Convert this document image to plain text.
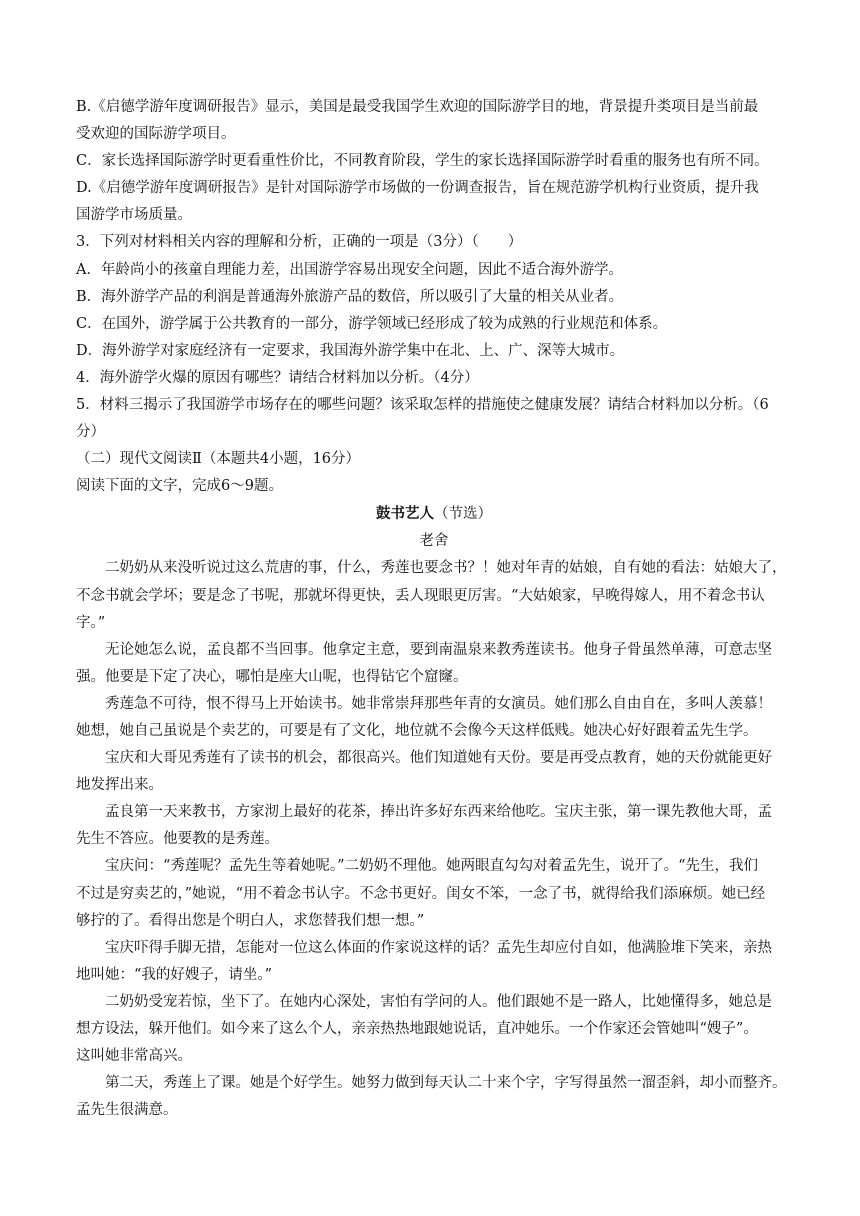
B.《启德学游年度调研报告》显示，美国是最受我国学生欢迎的国际游学目的地，背景提升类项目是当前最
受欢迎的国际游学项目。
C．家长选择国际游学时更看重性价比，不同教育阶段，学生的家长选择国际游学时看重的服务也有所不同。
D.《启德学游年度调研报告》是针对国际游学市场做的一份调查报告，旨在规范游学机构行业资质，提升我
国游学市场质量。
3．下列对材料相关内容的理解和分析，正确的一项是（3分）（　　）
A．年龄尚小的孩童自理能力差，出国游学容易出现安全问题，因此不适合海外游学。
B．海外游学产品的利润是普通海外旅游产品的数倍，所以吸引了大量的相关从业者。
C．在国外，游学属于公共教育的一部分，游学领域已经形成了较为成熟的行业规范和体系。
D．海外游学对家庭经济有一定要求，我国海外游学集中在北、上、广、深等大城市。
4．海外游学火爆的原因有哪些？请结合材料加以分析。（4分）
5．材料三揭示了我国游学市场存在的哪些问题？该采取怎样的措施使之健康发展？请结合材料加以分析。（6
分）
（二）现代文阅读Ⅱ（本题共4小题，16分）
阅读下面的文字，完成6～9题。
鼓书艺人（节选）
老舍
二奶奶从来没听说过这么荒唐的事，什么，秀莲也要念书？！她对年青的姑娘，自有她的看法：姑娘大了，
不念书就会学坏；要是念了书呢，那就坏得更快，丢人现眼更厉害。“大姑娘家，早晚得嫁人，用不着念书认
字。”
无论她怎么说，孟良都不当回事。他拿定主意，要到南温泉来教秀莲读书。他身子骨虽然单薄，可意志坚
强。他要是下定了决心，哪怕是座大山呢，也得钻它个窟窿。
秀莲急不可待，恨不得马上开始读书。她非常崇拜那些年青的女演员。她们那么自由自在，多叫人羡慕！
她想，她自己虽说是个卖艺的，可要是有了文化，地位就不会像今天这样低贱。她决心好好跟着孟先生学。
宝庆和大哥见秀莲有了读书的机会，都很高兴。他们知道她有天份。要是再受点教育，她的天份就能更好
地发挥出来。
孟良第一天来教书，方家沏上最好的花茶，捧出许多好东西来给他吃。宝庆主张，第一课先教他大哥，孟
先生不答应。他要教的是秀莲。
宝庆问：“秀莲呢？孟先生等着她呢。”二奶奶不理他。她两眼直勾勾对着孟先生，说开了。“先生，我们
不过是穷卖艺的，”她说，“用不着念书认字。不念书更好。闺女不笨，一念了书，就得给我们添麻烦。她已经
够拧的了。看得出您是个明白人，求您替我们想一想。”
宝庆吓得手脚无措，怎能对一位这么体面的作家说这样的话？孟先生却应付自如，他满脸堆下笑来，亲热
地叫她：“我的好嫂子，请坐。”
二奶奶受宠若惊，坐下了。在她内心深处，害怕有学问的人。他们跟她不是一路人，比她懂得多，她总是
想方设法，躲开他们。如今来了这么个人，亲亲热热地跟她说话，直冲她乐。一个作家还会管她叫“嫂子”。
这叫她非常高兴。
第二天，秀莲上了课。她是个好学生。她努力做到每天认二十来个字，字写得虽然一溜歪斜，却小而整齐。
孟先生很满意。
